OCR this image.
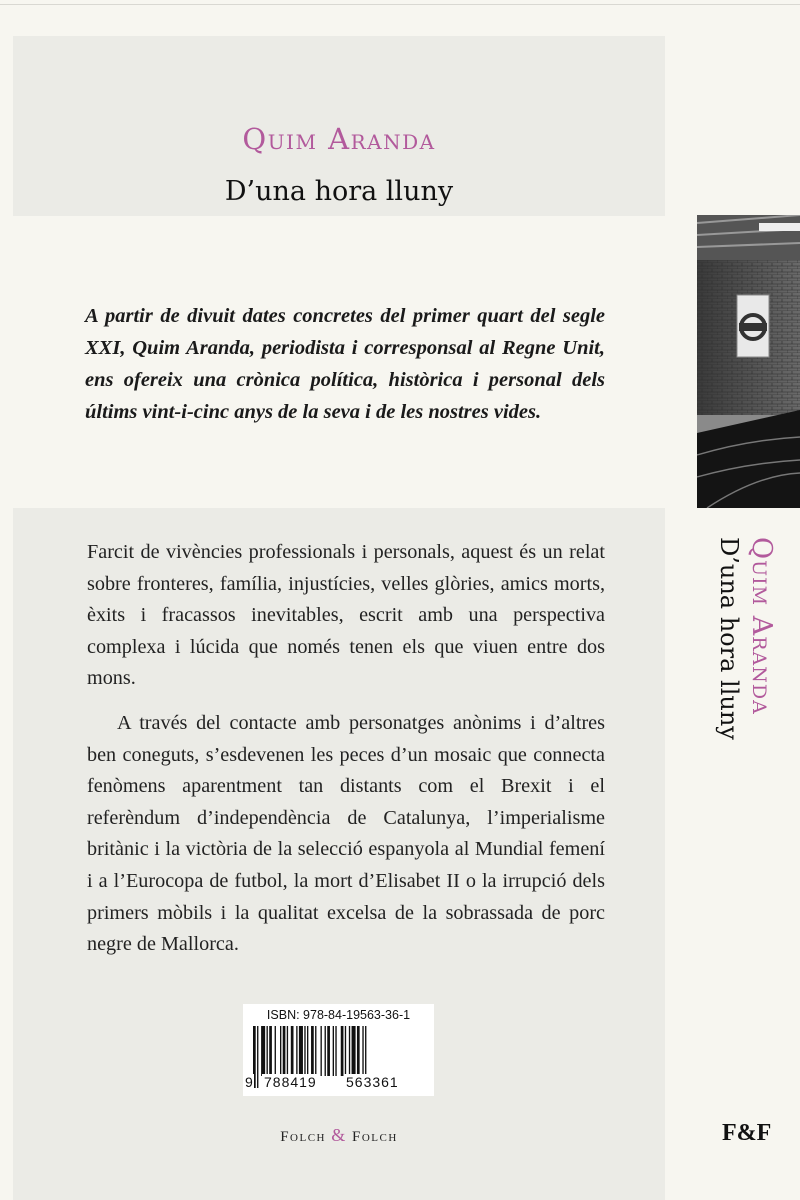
Quim Aranda
D’una hora lluny
A partir de divuit dates concretes del primer quart del segle XXI, Quim Aranda, periodista i corresponsal al Regne Unit, ens ofereix una crònica política, històrica i personal dels últims vint-i-cinc anys de la seva i de les nostres vides.
Farcit de vivències professionals i personals, aquest és un relat sobre fronteres, família, injustícies, velles glòries, amics morts, èxits i fracassos inevitables, escrit amb una perspectiva complexa i lúcida que només tenen els que viuen entre dos mons.
A través del contacte amb personatges anònims i d’altres ben coneguts, s’esdevenen les peces d’un mosaic que connecta fenòmens aparentment tan distants com el Brexit i el referèndum d’independència de Catalunya, l’imperialisme britànic i la victòria de la selecció espanyola al Mundial femení i a l’Eurocopa de futbol, la mort d’Elisabet II o la irrupció dels primers mòbils i la qualitat excelsa de la sobrassada de porc negre de Mallorca.
ISBN: 978-84-19563-36-1
9 788419 563361
Folch & Folch
Quim Aranda
D’una hora lluny
F&F
